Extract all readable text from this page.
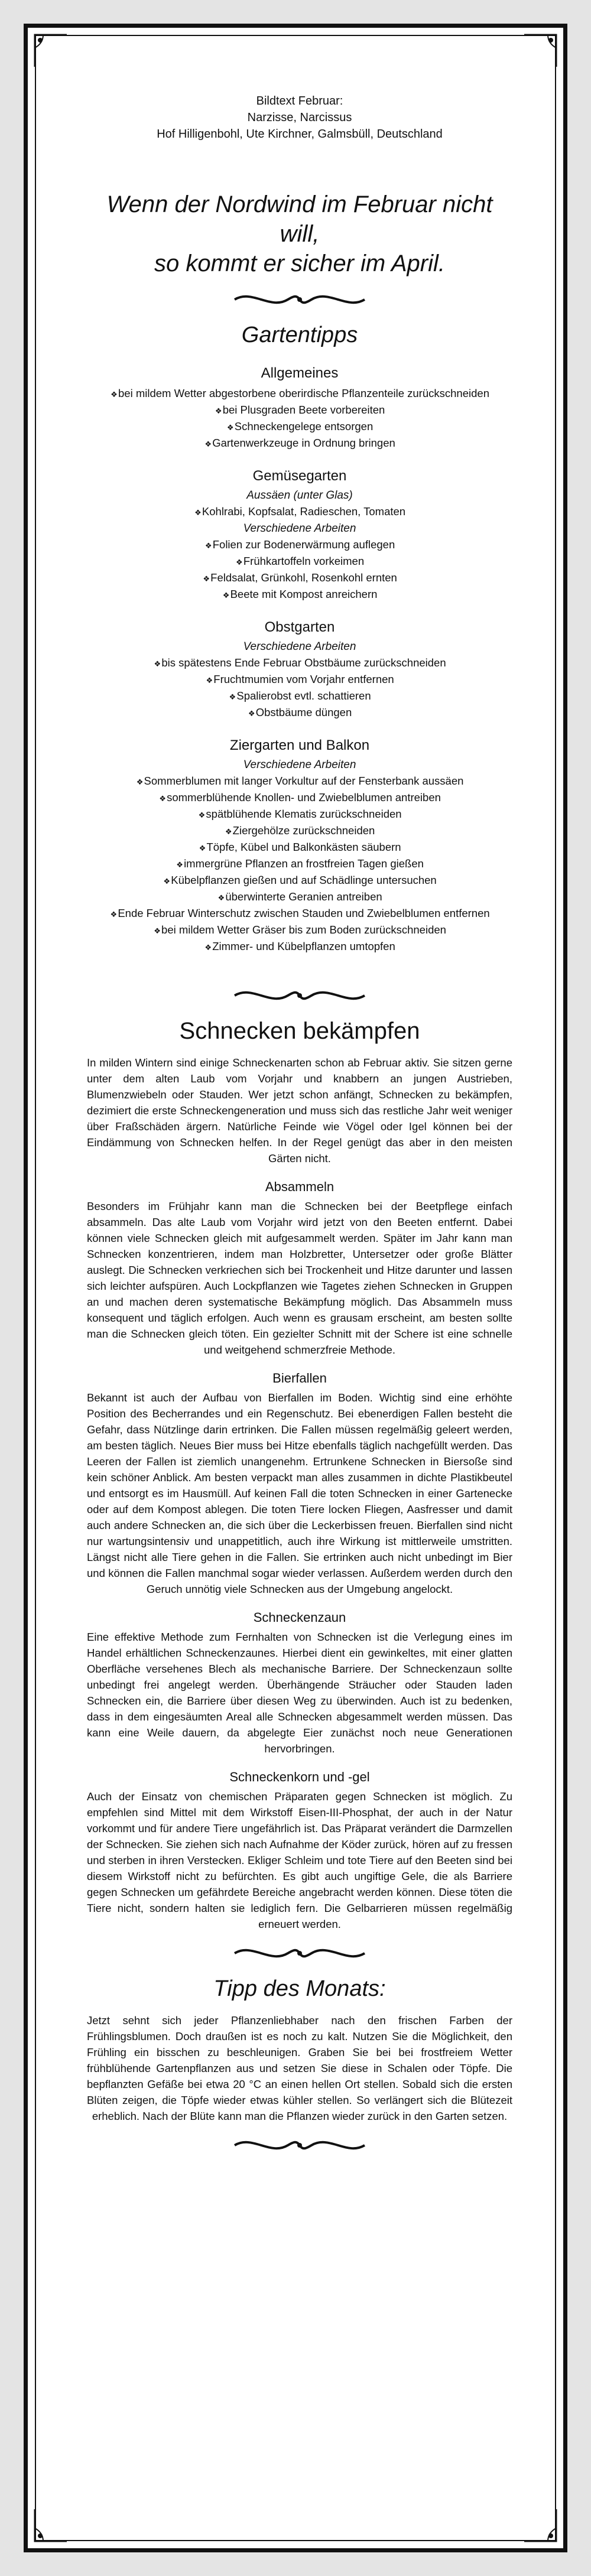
Bildtext Februar:
Narzisse, Narcissus
Hof Hilligenbohl, Ute Kirchner, Galmsbüll, Deutschland
Wenn der Nordwind im Februar nicht will,
so kommt er sicher im April.
Gartentipps
Allgemeines
❖bei mildem Wetter abgestorbene oberirdische Pflanzenteile zurückschneiden
❖bei Plusgraden Beete vorbereiten
❖Schneckengelege entsorgen
❖Gartenwerkzeuge in Ordnung bringen
Gemüsegarten
Aussäen (unter Glas)
❖Kohlrabi, Kopfsalat, Radieschen, Tomaten
Verschiedene Arbeiten
❖Folien zur Bodenerwärmung auflegen
❖Frühkartoffeln vorkeimen
❖Feldsalat, Grünkohl, Rosenkohl ernten
❖Beete mit Kompost anreichern
Obstgarten
Verschiedene Arbeiten
❖bis spätestens Ende Februar Obstbäume zurückschneiden
❖Fruchtmumien vom Vorjahr entfernen
❖Spalierobst evtl. schattieren
❖Obstbäume düngen
Ziergarten und Balkon
Verschiedene Arbeiten
❖Sommerblumen mit langer Vorkultur auf der Fensterbank aussäen
❖sommerblühende Knollen- und Zwiebelblumen antreiben
❖spätblühende Klematis zurückschneiden
❖Ziergehölze zurückschneiden
❖Töpfe, Kübel und Balkonkästen säubern
❖immergrüne Pflanzen an frostfreien Tagen gießen
❖Kübelpflanzen gießen und auf Schädlinge untersuchen
❖überwinterte Geranien antreiben
❖Ende Februar Winterschutz zwischen Stauden und Zwiebelblumen entfernen
❖bei mildem Wetter Gräser bis zum Boden zurückschneiden
❖Zimmer- und Kübelpflanzen umtopfen
Schnecken bekämpfen

In milden Wintern sind einige Schneckenarten schon ab Februar aktiv. Sie sitzen gerne unter dem alten Laub vom Vorjahr und knabbern an jungen Austrieben, Blumenzwiebeln oder Stauden. Wer jetzt schon anfängt, Schnecken zu bekämpfen, dezimiert die erste Schneckengeneration und muss sich das restliche Jahr weit weniger über Fraßschäden ärgern. Natürliche Feinde wie Vögel oder Igel können bei der Eindämmung von Schnecken helfen. In der Regel genügt das aber in den meisten Gärten nicht.

Absammeln

Besonders im Frühjahr kann man die Schnecken bei der Beetpflege einfach absammeln. Das alte Laub vom Vorjahr wird jetzt von den Beeten entfernt. Dabei können viele Schnecken gleich mit aufgesammelt werden. Später im Jahr kann man Schnecken konzentrieren, indem man Holzbretter, Untersetzer oder große Blätter auslegt. Die Schnecken verkriechen sich bei Trockenheit und Hitze darunter und lassen sich leichter aufspüren. Auch Lockpflanzen wie Tagetes ziehen Schnecken in Gruppen an und machen deren systematische Bekämpfung möglich. Das Absammeln muss konsequent und täglich erfolgen. Auch wenn es grausam erscheint, am besten sollte man die Schnecken gleich töten. Ein gezielter Schnitt mit der Schere ist eine schnelle und weitgehend schmerzfreie Methode.

Bierfallen

Bekannt ist auch der Aufbau von Bierfallen im Boden. Wichtig sind eine erhöhte Position des Becherrandes und ein Regenschutz. Bei ebenerdigen Fallen besteht die Gefahr, dass Nützlinge darin ertrinken. Die Fallen müssen regelmäßig geleert werden, am besten täglich. Neues Bier muss bei Hitze ebenfalls täglich nachgefüllt werden. Das Leeren der Fallen ist ziemlich unangenehm. Ertrunkene Schnecken in Biersoße sind kein schöner Anblick. Am besten verpackt man alles zusammen in dichte Plastikbeutel und entsorgt es im Hausmüll. Auf keinen Fall die toten Schnecken in einer Gartenecke oder auf dem Kompost ablegen. Die toten Tiere locken Fliegen, Aasfresser und damit auch andere Schnecken an, die sich über die Leckerbissen freuen. Bierfallen sind nicht nur wartungsintensiv und unappetitlich, auch ihre Wirkung ist mittlerweile umstritten. Längst nicht alle Tiere gehen in die Fallen. Sie ertrinken auch nicht unbedingt im Bier und können die Fallen manchmal sogar wieder verlassen. Außerdem werden durch den Geruch unnötig viele Schnecken aus der Umgebung angelockt.

Schneckenzaun

Eine effektive Methode zum Fernhalten von Schnecken ist die Verlegung eines im Handel erhältlichen Schneckenzaunes. Hierbei dient ein gewinkeltes, mit einer glatten Oberfläche versehenes Blech als mechanische Barriere. Der Schneckenzaun sollte unbedingt frei angelegt werden. Überhängende Sträucher oder Stauden laden Schnecken ein, die Barriere über diesen Weg zu überwinden. Auch ist zu bedenken, dass in dem eingesäumten Areal alle Schnecken abgesammelt werden müssen. Das kann eine Weile dauern, da abgelegte Eier zunächst noch neue Generationen hervorbringen.

Schneckenkorn und -gel

Auch der Einsatz von chemischen Präparaten gegen Schnecken ist möglich. Zu empfehlen sind Mittel mit dem Wirkstoff Eisen-III-Phosphat, der auch in der Natur vorkommt und für andere Tiere ungefährlich ist. Das Präparat verändert die Darmzellen der Schnecken. Sie ziehen sich nach Aufnahme der Köder zurück, hören auf zu fressen und sterben in ihren Verstecken. Ekliger Schleim und tote Tiere auf den Beeten sind bei diesem Wirkstoff nicht zu befürchten. Es gibt auch ungiftige Gele, die als Barriere gegen Schnecken um gefährdete Bereiche angebracht werden können. Diese töten die Tiere nicht, sondern halten sie lediglich fern. Die Gelbarrieren müssen regelmäßig erneuert werden.

Tipp des Monats:

Jetzt sehnt sich jeder Pflanzenliebhaber nach den frischen Farben der Frühlingsblumen. Doch draußen ist es noch zu kalt. Nutzen Sie die Möglichkeit, den Frühling ein bisschen zu beschleunigen. Graben Sie bei bei frostfreiem Wetter frühblühende Gartenpflanzen aus und setzen Sie diese in Schalen oder Töpfe. Die bepflanzten Gefäße bei etwa 20 °C an einen hellen Ort stellen. Sobald sich die ersten Blüten zeigen, die Töpfe wieder etwas kühler stellen. So verlängert sich die Blütezeit erheblich. Nach der Blüte kann man die Pflanzen wieder zurück in den Garten setzen.
